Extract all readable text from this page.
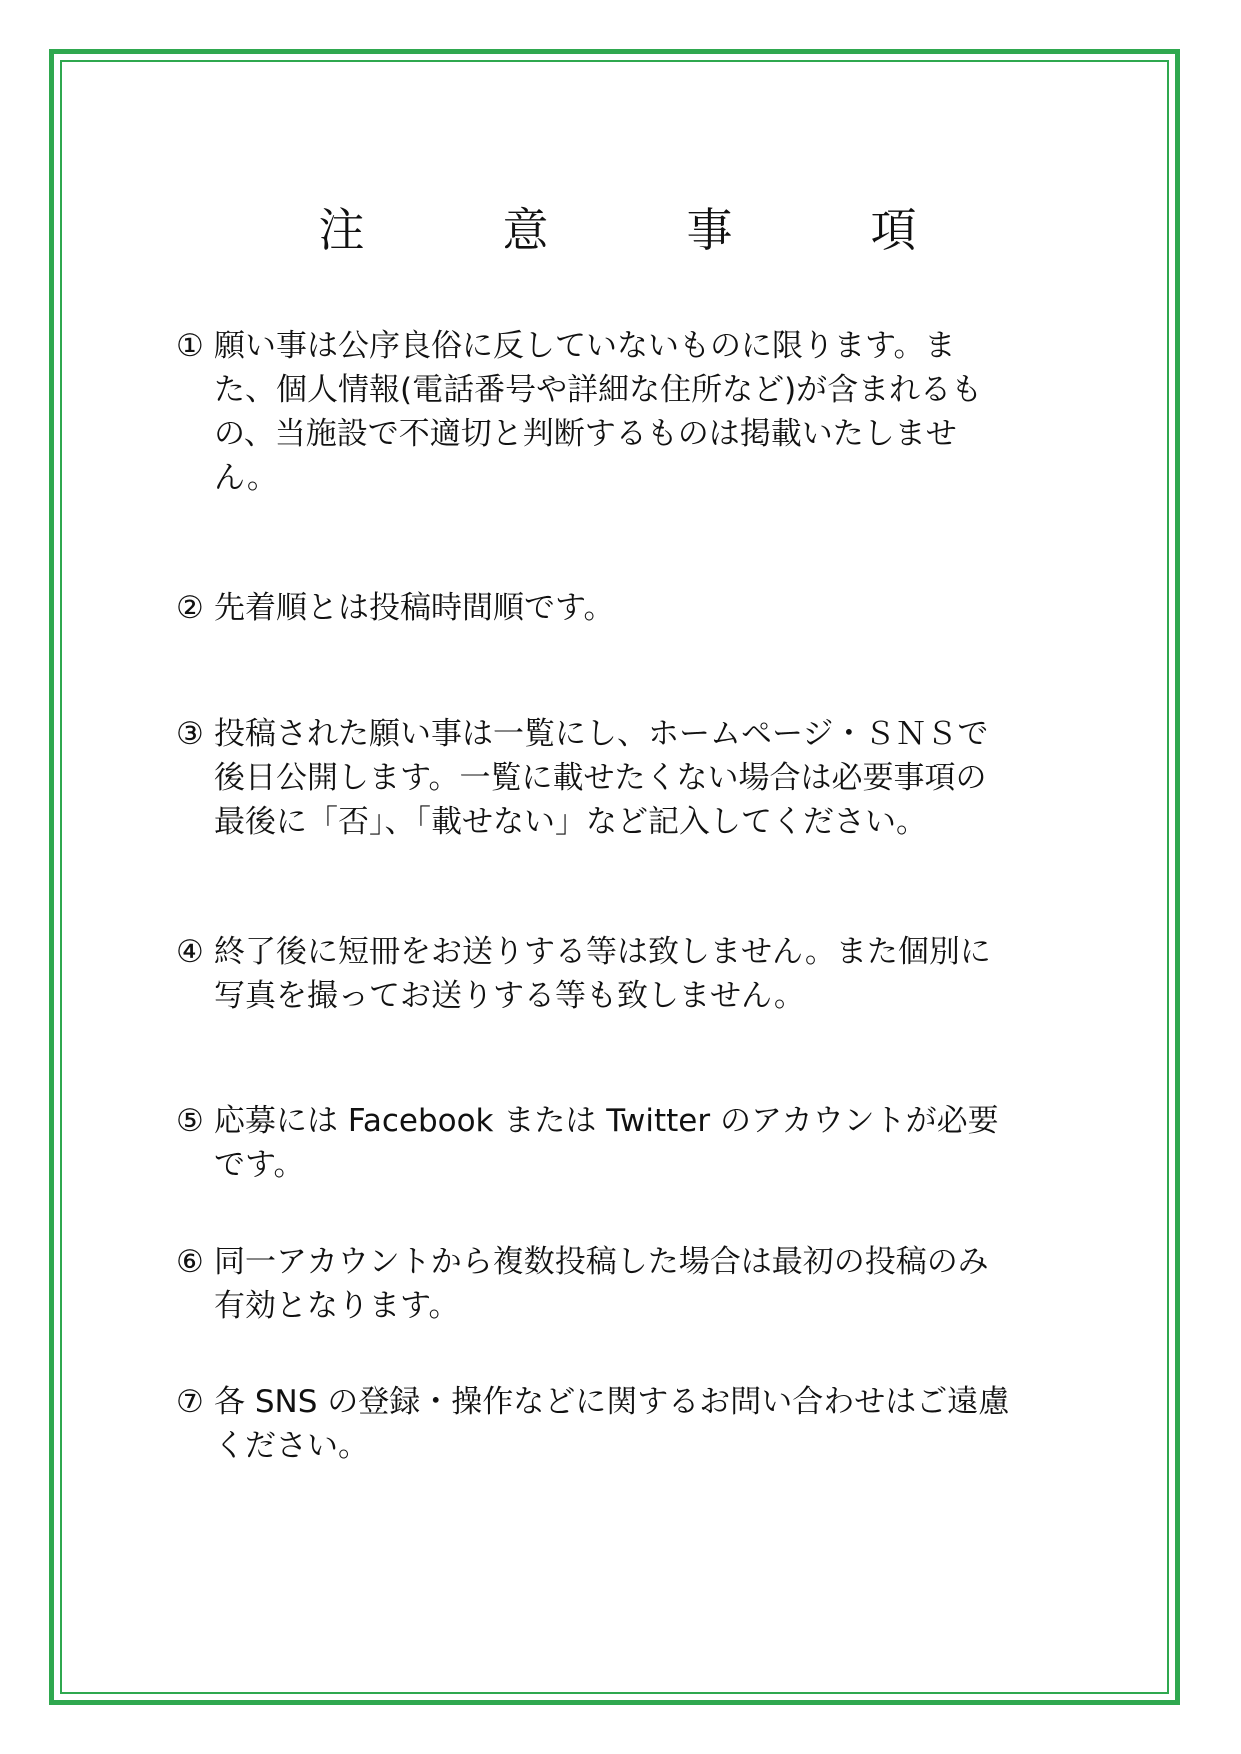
注　意　事　項
① 願い事は公序良俗に反していないものに限ります。ま
た、個人情報(電話番号や詳細な住所など)が含まれるも
の、当施設で不適切と判断するものは掲載いたしませ
ん。
② 先着順とは投稿時間順です。
③ 投稿された願い事は一覧にし、ホームページ・ＳＮＳで
後日公開します。一覧に載せたくない場合は必要事項の
最後に「否」、「載せない」など記入してください。
④ 終了後に短冊をお送りする等は致しません。また個別に
写真を撮ってお送りする等も致しません。
⑤ 応募には Facebook または Twitter のアカウントが必要
です。
⑥ 同一アカウントから複数投稿した場合は最初の投稿のみ
有効となります。
⑦ 各 SNS の登録・操作などに関するお問い合わせはご遠慮
ください。
